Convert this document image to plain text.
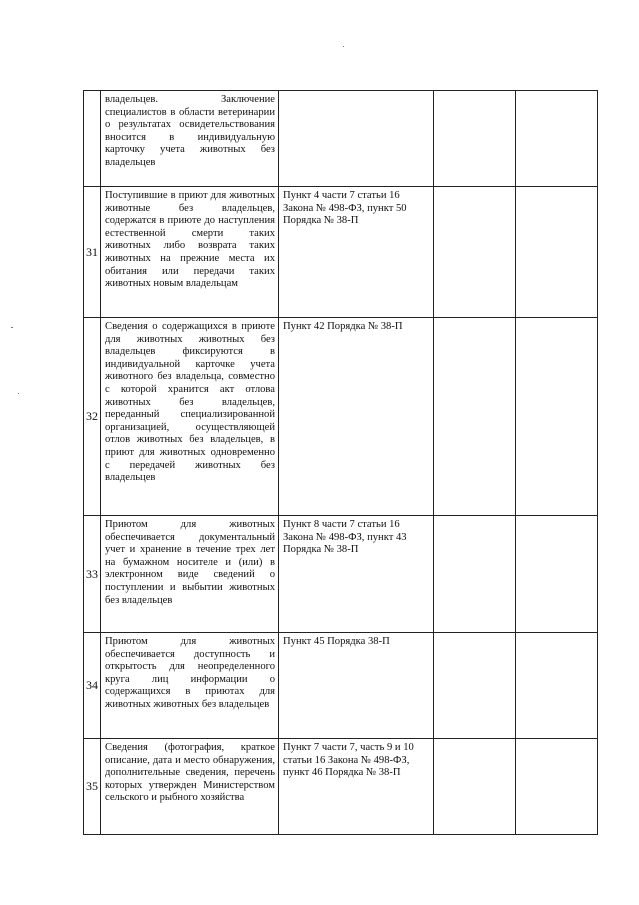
	владельцев. Заключение специалистов в области ветеринарии о результатах освидетельствования вносится в индивидуальную карточку учета животных без владельцев			

31	Поступившие в приют для животных животные без владельцев, содержатся в приюте до наступления естественной смерти таких животных либо возврата таких животных на прежние места их обитания или передачи таких животных новым владельцам	Пункт 4 части 7 статьи 16 Закона № 498-ФЗ, пункт 50 Порядка № 38-П		

32	Сведения о содержащихся в приюте для животных животных без владельцев фиксируются в индивидуальной карточке учета животного без владельца, совместно с которой хранится акт отлова животных без владельцев, переданный специализированной организацией, осуществляющей отлов животных без владельцев, в приют для животных одновременно с передачей животных без владельцев	Пункт 42 Порядка № 38-П		

33	Приютом для животных обеспечивается документальный учет и хранение в течение трех лет на бумажном носителе и (или) в электронном виде сведений о поступлении и выбытии животных без владельцев	Пункт 8 части 7 статьи 16 Закона № 498-ФЗ, пункт 43 Порядка № 38-П		

34	Приютом для животных обеспечивается доступность и открытость для неопределенного круга лиц информации о содержащихся в приютах для животных животных без владельцев	Пункт 45 Порядка 38-П		

35	Сведения (фотография, краткое описание, дата и место обнаружения, дополнительные сведения, перечень которых утвержден Министерством сельского и рыбного хозяйства	Пункт 7 части 7, часть 9 и 10 статьи 16 Закона № 498-ФЗ, пункт 46 Порядка № 38-П		
